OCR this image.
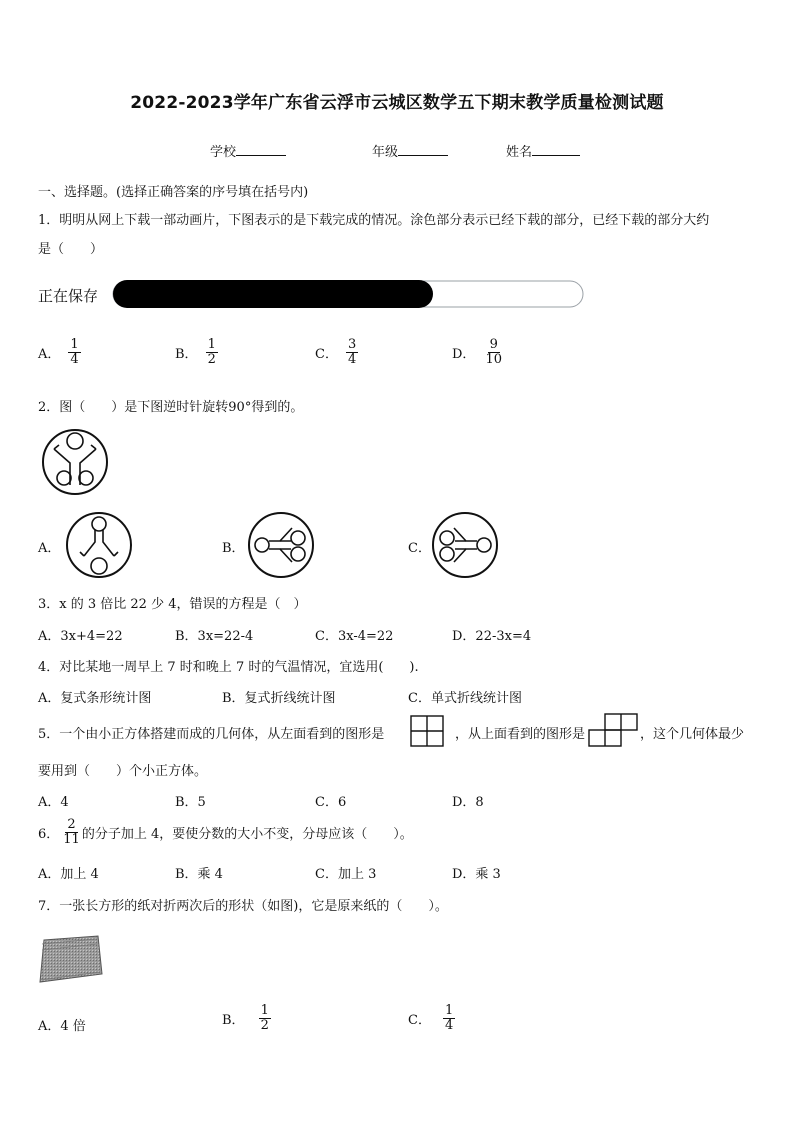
2022-2023学年广东省云浮市云城区数学五下期末教学质量检测试题
学校	年级	姓名
一、选择题。(选择正确答案的序号填在括号内)
1．明明从网上下载一部动画片，下图表示的是下载完成的情况。涂色部分表示已经下载的部分，已经下载的部分大约
是（　　）
正在保存
A． $\frac{1}{4}$	B． $\frac{1}{2}$	C． $\frac{3}{4}$	D． $\frac{9}{10}$
2．图（　　）是下图逆时针旋转90°得到的。
A．	B．	C．
3．x 的 3 倍比 22 少 4，错误的方程是（　）
A．3x+4=22	B．3x=22-4	C．3x-4=22	D．22-3x=4
4．对比某地一周早上 7 时和晚上 7 时的气温情况，宜选用(　　).
A．复式条形统计图	B．复式折线统计图	C．单式折线统计图
5．一个由小正方体搭建而成的几何体，从左面看到的图形是	，从上面看到的图形是	，这个几何体最少
要用到（　　）个小正方体。
A．4	B．5	C．6	D．8
6． $\frac{2}{11}$ 的分子加上 4，要使分数的大小不变，分母应该（　　）。
A．加上 4	B．乘 4	C．加上 3	D．乘 3
7．一张长方形的纸对折两次后的形状（如图)，它是原来纸的（　　）。
A．4 倍	B． $\frac{1}{2}$	C． $\frac{1}{4}$
